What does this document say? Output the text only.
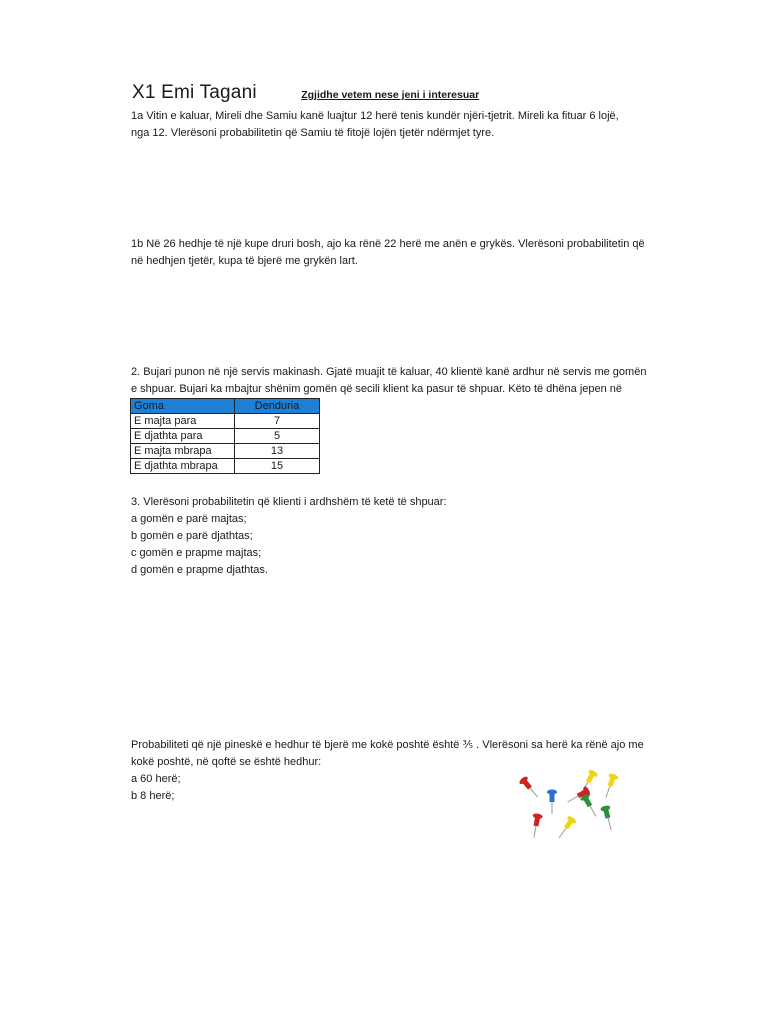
X1 Emi Tagani	Zgjidhe vetem nese jeni i interesuar
1a Vitin e kaluar, Mireli dhe Samiu kanë luajtur 12 herë tenis kundër njëri-tjetrit. Mireli ka fituar 6 lojë,
nga 12. Vlerësoni probabilitetin që Samiu të fitojë lojën tjetër ndërmjet tyre.
1b Në 26 hedhje të një kupe druri bosh, ajo ka rënë 22 herë me anën e grykës. Vlerësoni probabilitetin që
në hedhjen tjetër, kupa të bjerë me grykën lart.
2. Bujari punon në një servis makinash. Gjatë muajit të kaluar, 40 klientë kanë ardhur në servis me gomën
e shpuar. Bujari ka mbajtur shënim gomën që secili klient ka pasur të shpuar. Këto të dhëna jepen në
Goma	Denduria
E majta para	7
E djathta para	5
E majta mbrapa	13
E djathta mbrapa	15
3. Vlerësoni probabilitetin që klienti i ardhshëm të ketë të shpuar:
a gomën e parë majtas;
b gomën e parë djathtas;
c gomën e prapme majtas;
d gomën e prapme djathtas.
Probabiliteti që një pineskë e hedhur të bjerë me kokë poshtë është ⅗ . Vlerësoni sa herë ka rënë ajo me
kokë poshtë, në qoftë se është hedhur:
a 60 herë;
b 8 herë;
